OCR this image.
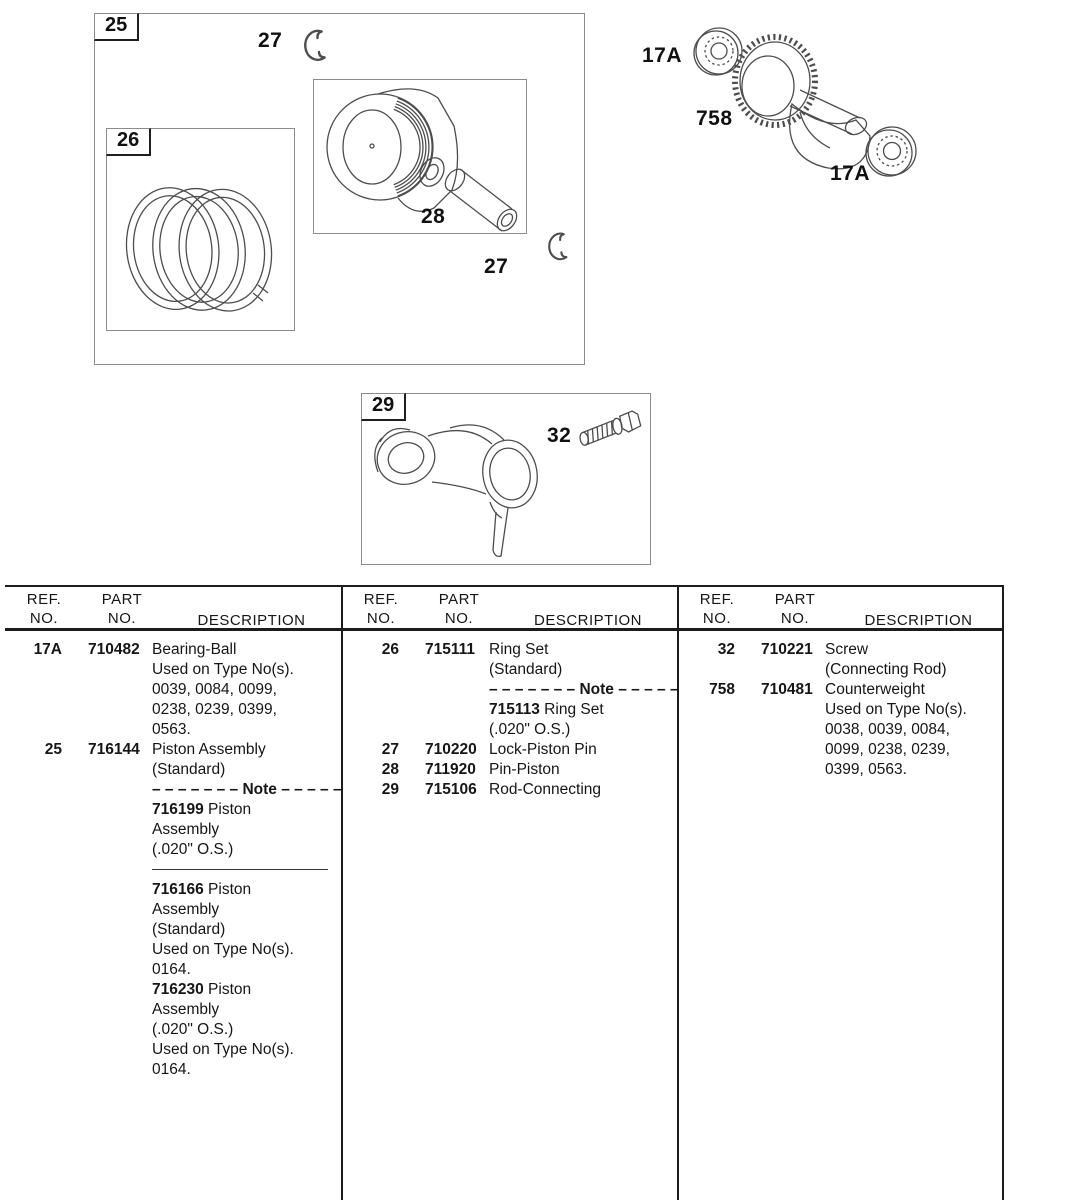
25
26
29
27
28
27
17A
758
17A
32
REF.
NO.
PART
NO.	DESCRIPTION
17A	710482 Bearing-Ball
Used on Type No(s).
0039, 0084, 0099,
0238, 0239, 0399,
0563.
25	716144 Piston Assembly
(Standard)
– – – – – – – Note – – – – –
716199 Piston
Assembly
(.020" O.S.)
716166 Piston
Assembly
(Standard)
Used on Type No(s).
0164.
716230 Piston
Assembly
(.020" O.S.)
Used on Type No(s).
0164.
REF.
NO.
PART
NO.	DESCRIPTION
26	715111 Ring Set
(Standard)
– – – – – – – Note – – – – –
715113 Ring Set
(.020" O.S.)
27	710220 Lock-Piston Pin
28	711920 Pin-Piston
29	715106 Rod-Connecting
REF.
NO.
PART
NO.	DESCRIPTION
32	710221 Screw
(Connecting Rod)
758	710481 Counterweight
Used on Type No(s).
0038, 0039, 0084,
0099, 0238, 0239,
0399, 0563.
